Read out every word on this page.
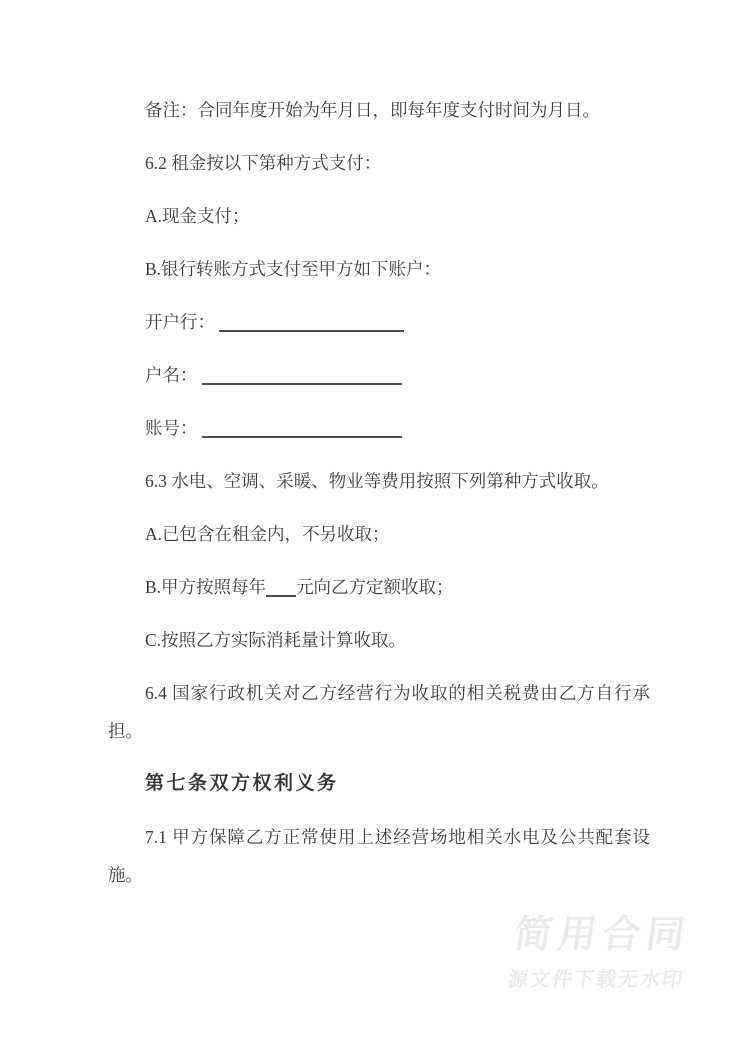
备注：合同年度开始为年月日，即每年度支付时间为月日。

6.2 租金按以下第种方式支付：

A.现金支付；

B.银行转账方式支付至甲方如下账户：

开户行：

户名：

账号：

6.3 水电、空调、采暖、物业等费用按照下列第种方式收取。

A.已包含在租金内，不另收取；

B.甲方按照每年 元向乙方定额收取；

C.按照乙方实际消耗量计算收取。

6.4 国家行政机关对乙方经营行为收取的相关税费由乙方自行承担。

第七条双方权利义务

7.1 甲方保障乙方正常使用上述经营场地相关水电及公共配套设施。

简用合同
源文件下载无水印
